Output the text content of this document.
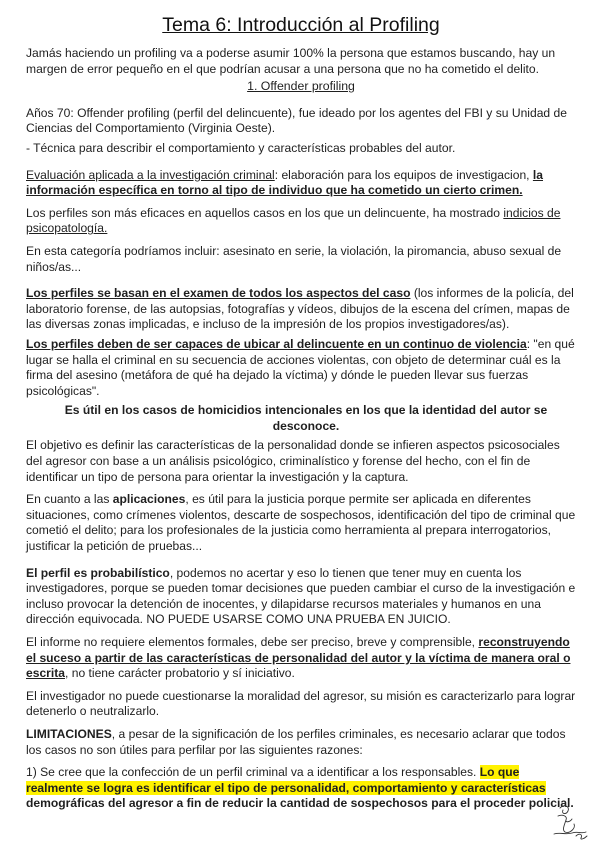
Tema 6: Introducción al Profiling

Jamás haciendo un profiling va a poderse asumir 100% la persona que estamos buscando, hay un margen de error pequeño en el que podrían acusar a una persona que no ha cometido el delito.

1. Offender profiling

Años 70: Offender profiling (perfil del delincuente), fue ideado por los agentes del FBI y su Unidad de Ciencias del Comportamiento (Virginia Oeste).

- Técnica para describir el comportamiento y características probables del autor.

Evaluación aplicada a la investigación criminal: elaboración para los equipos de investigacion, la información específica en torno al tipo de individuo que ha cometido un cierto crimen.

Los perfiles son más eficaces en aquellos casos en los que un delincuente, ha mostrado indicios de psicopatología.

En esta categoría podríamos incluir: asesinato en serie, la violación, la piromancia, abuso sexual de niños/as...

Los perfiles se basan en el examen de todos los aspectos del caso (los informes de la policía, del laboratorio forense, de las autopsias, fotografías y vídeos, dibujos de la escena del crímen, mapas de las diversas zonas implicadas, e incluso de la impresión de los propios investigadores/as).

Los perfiles deben de ser capaces de ubicar al delincuente en un continuo de violencia: "en qué lugar se halla el criminal en su secuencia de acciones violentas, con objeto de determinar cuál es la firma del asesino (metáfora de qué ha dejado la víctima) y dónde le pueden llevar sus fuerzas psicológicas".

Es útil en los casos de homicidios intencionales en los que la identidad del autor se desconoce.

El objetivo es definir las características de la personalidad donde se infieren aspectos psicosociales del agresor con base a un análisis psicológico, criminalístico y forense del hecho, con el fin de identificar un tipo de persona para orientar la investigación y la captura.

En cuanto a las aplicaciones, es útil para la justicia porque permite ser aplicada en diferentes situaciones, como crímenes violentos, descarte de sospechosos, identificación del tipo de criminal que cometió el delito; para los profesionales de la justicia como herramienta al prepara interrogatorios, justificar la petición de pruebas...

El perfil es probabilístico, podemos no acertar y eso lo tienen que tener muy en cuenta los investigadores, porque se pueden tomar decisiones que pueden cambiar el curso de la investigación e incluso provocar la detención de inocentes, y dilapidarse recursos materiales y humanos en una dirección equivocada. NO PUEDE USARSE COMO UNA PRUEBA EN JUICIO.

El informe no requiere elementos formales, debe ser preciso, breve y comprensible, reconstruyendo el suceso a partir de las características de personalidad del autor y la víctima de manera oral o escrita, no tiene carácter probatorio y sí iniciativo.

El investigador no puede cuestionarse la moralidad del agresor, su misión es caracterizarlo para lograr detenerlo o neutralizarlo.

LIMITACIONES, a pesar de la significación de los perfiles criminales, es necesario aclarar que todos los casos no son útiles para perfilar por las siguientes razones:

1) Se cree que la confección de un perfil criminal va a identificar a los responsables. Lo que realmente se logra es identificar el tipo de personalidad, comportamiento y características demográficas del agresor a fin de reducir la cantidad de sospechosos para el proceder policial.
